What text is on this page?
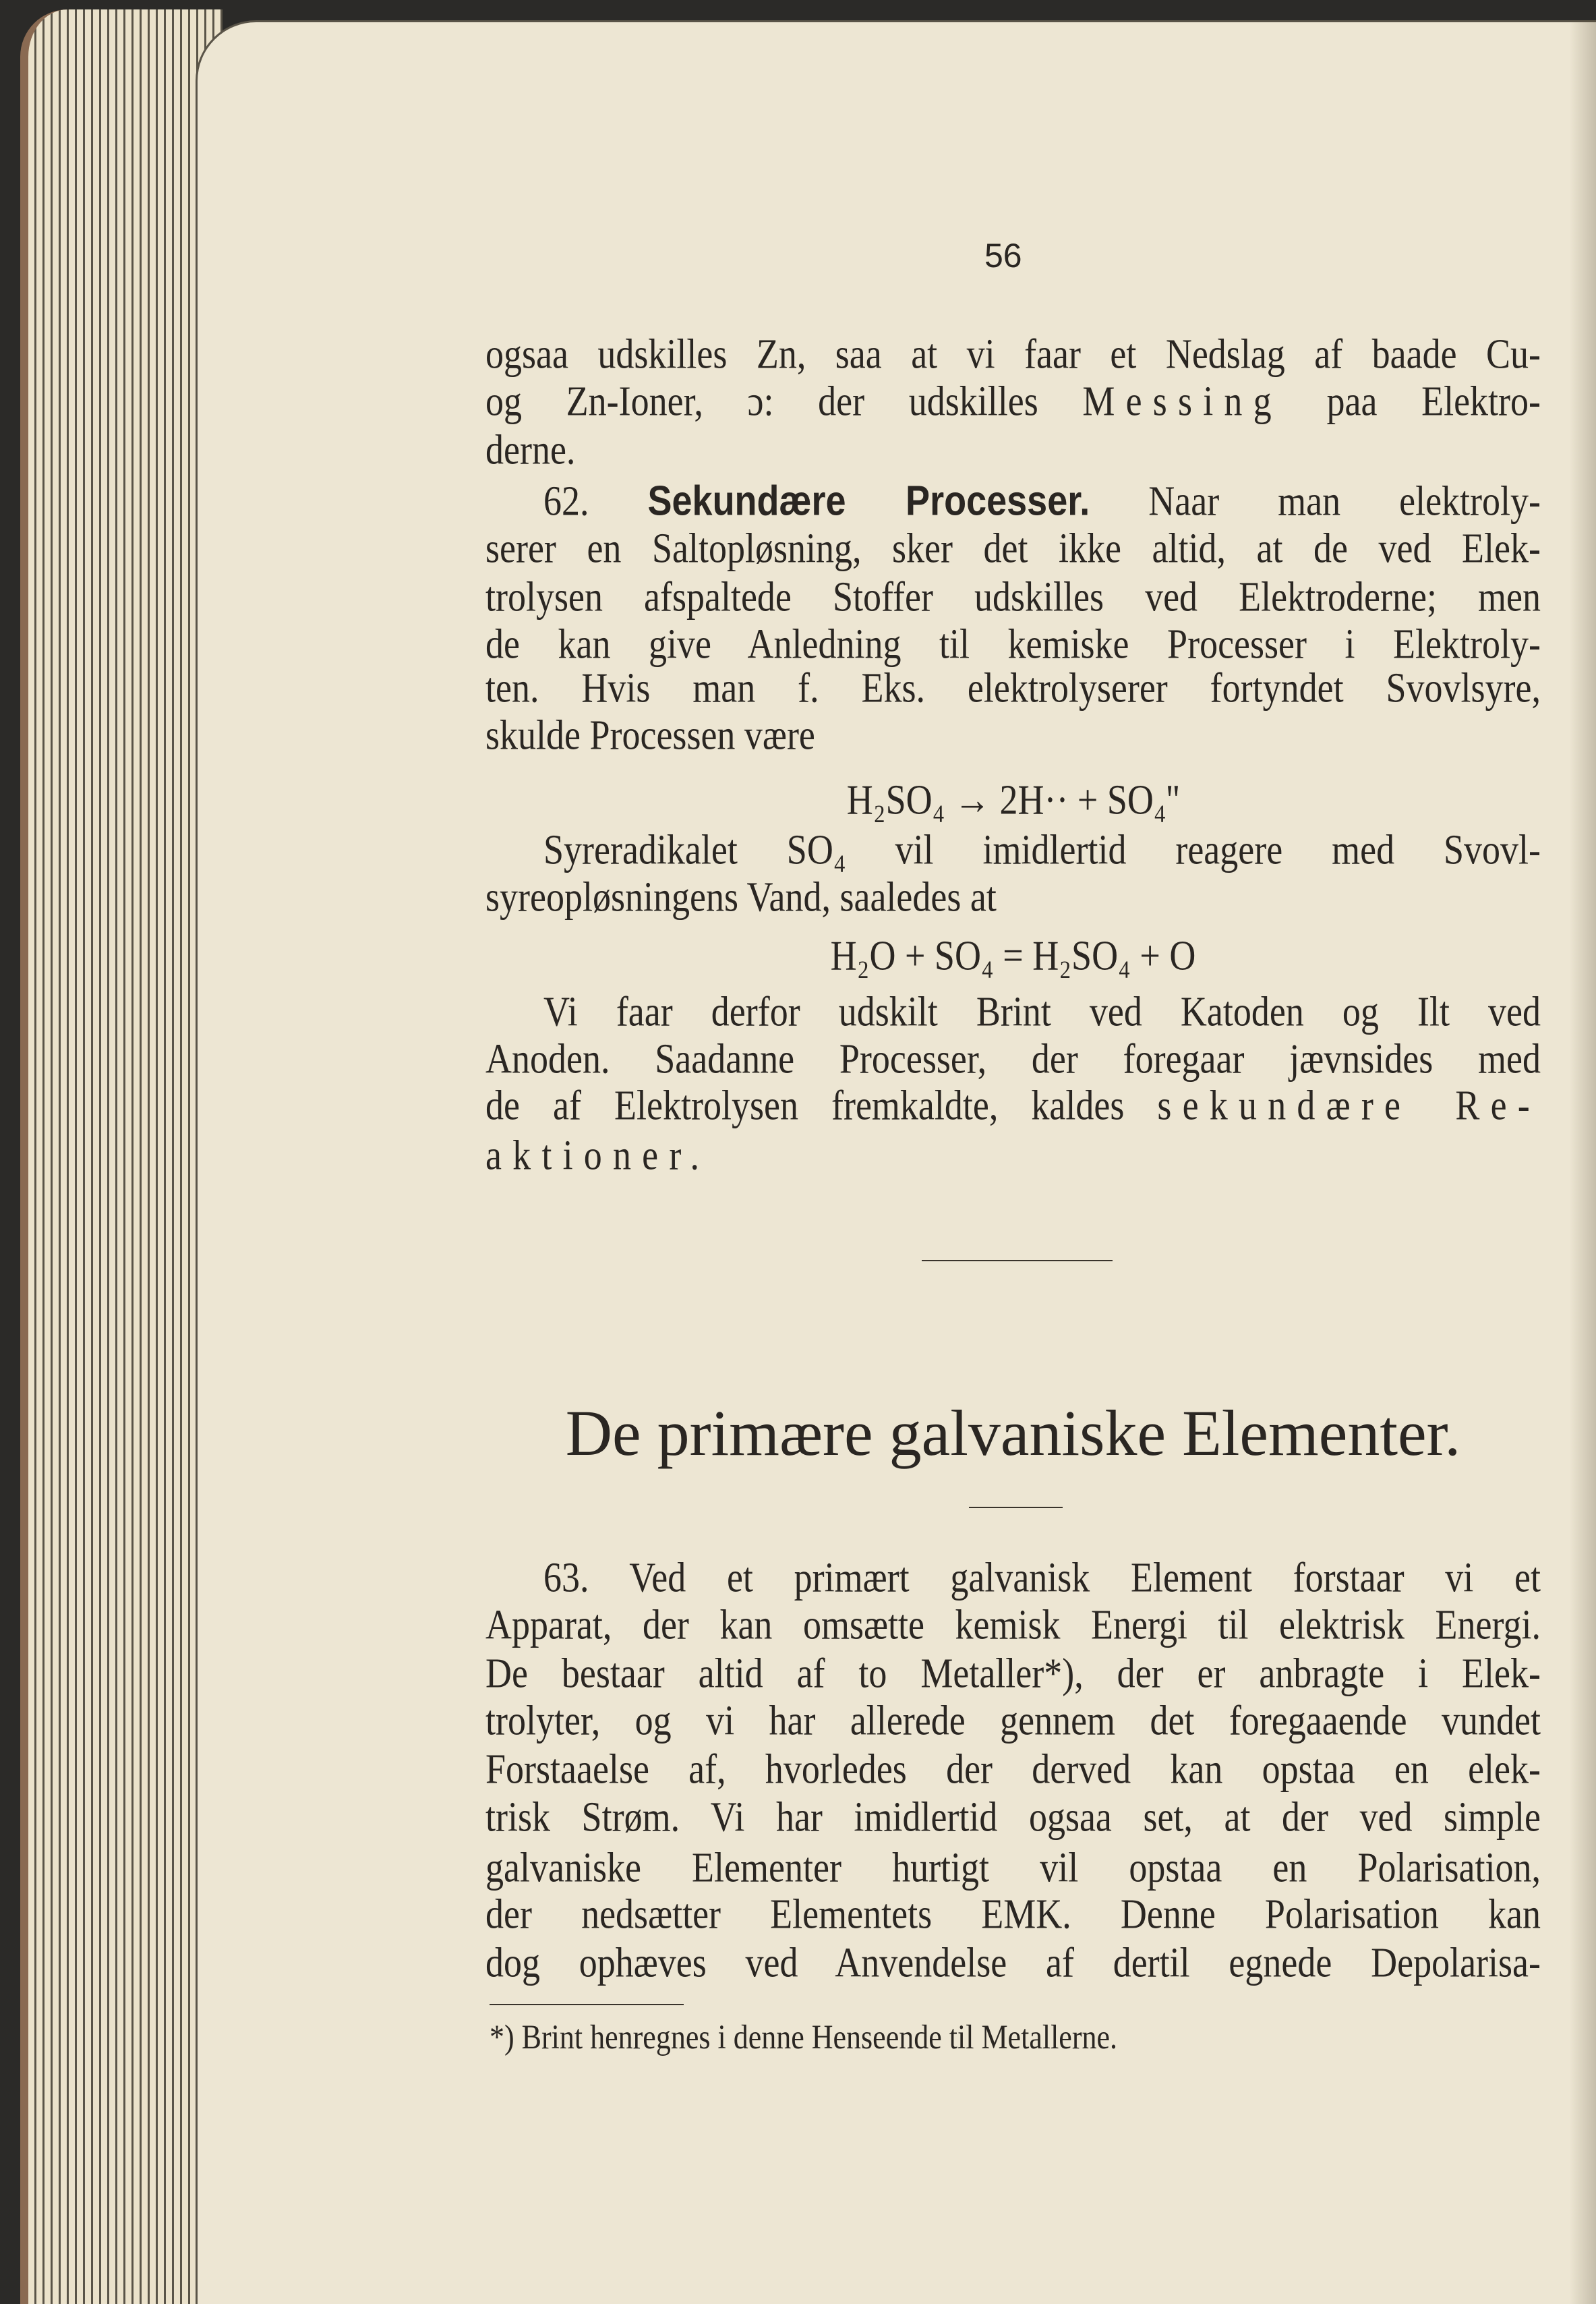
56
ogsaa udskilles Zn, saa at vi faar et Nedslag af baade Cu-
og Zn-Ioner, ɔ: der udskilles Messing paa Elektro-
derne.
62. Sekundære Processer. Naar man elektroly-
serer en Saltopløsning, sker det ikke altid, at de ved Elek-
trolysen afspaltede Stoffer udskilles ved Elektroderne; men
de kan give Anledning til kemiske Processer i Elektroly-
ten. Hvis man f. Eks. elektrolyserer fortyndet Svovlsyre,
skulde Processen være
H₂SO₄ → 2H·· + SO₄''
Syreradikalet SO₄ vil imidlertid reagere med Svovl-
syreopløsningens Vand, saaledes at
H₂O + SO₄ = H₂SO₄ + O
Vi faar derfor udskilt Brint ved Katoden og Ilt ved
Anoden. Saadanne Processer, der foregaar jævnsides med
de af Elektrolysen fremkaldte, kaldes sekundære Re-
aktioner.
De primære galvaniske Elementer.
63. Ved et primært galvanisk Element forstaar vi et
Apparat, der kan omsætte kemisk Energi til elektrisk Energi.
De bestaar altid af to Metaller*), der er anbragte i Elek-
trolyter, og vi har allerede gennem det foregaaende vundet
Forstaaelse af, hvorledes der derved kan opstaa en elek-
trisk Strøm. Vi har imidlertid ogsaa set, at der ved simple
galvaniske Elementer hurtigt vil opstaa en Polarisation,
der nedsætter Elementets EMK. Denne Polarisation kan
dog ophæves ved Anvendelse af dertil egnede Depolarisa-
*) Brint henregnes i denne Henseende til Metallerne.
